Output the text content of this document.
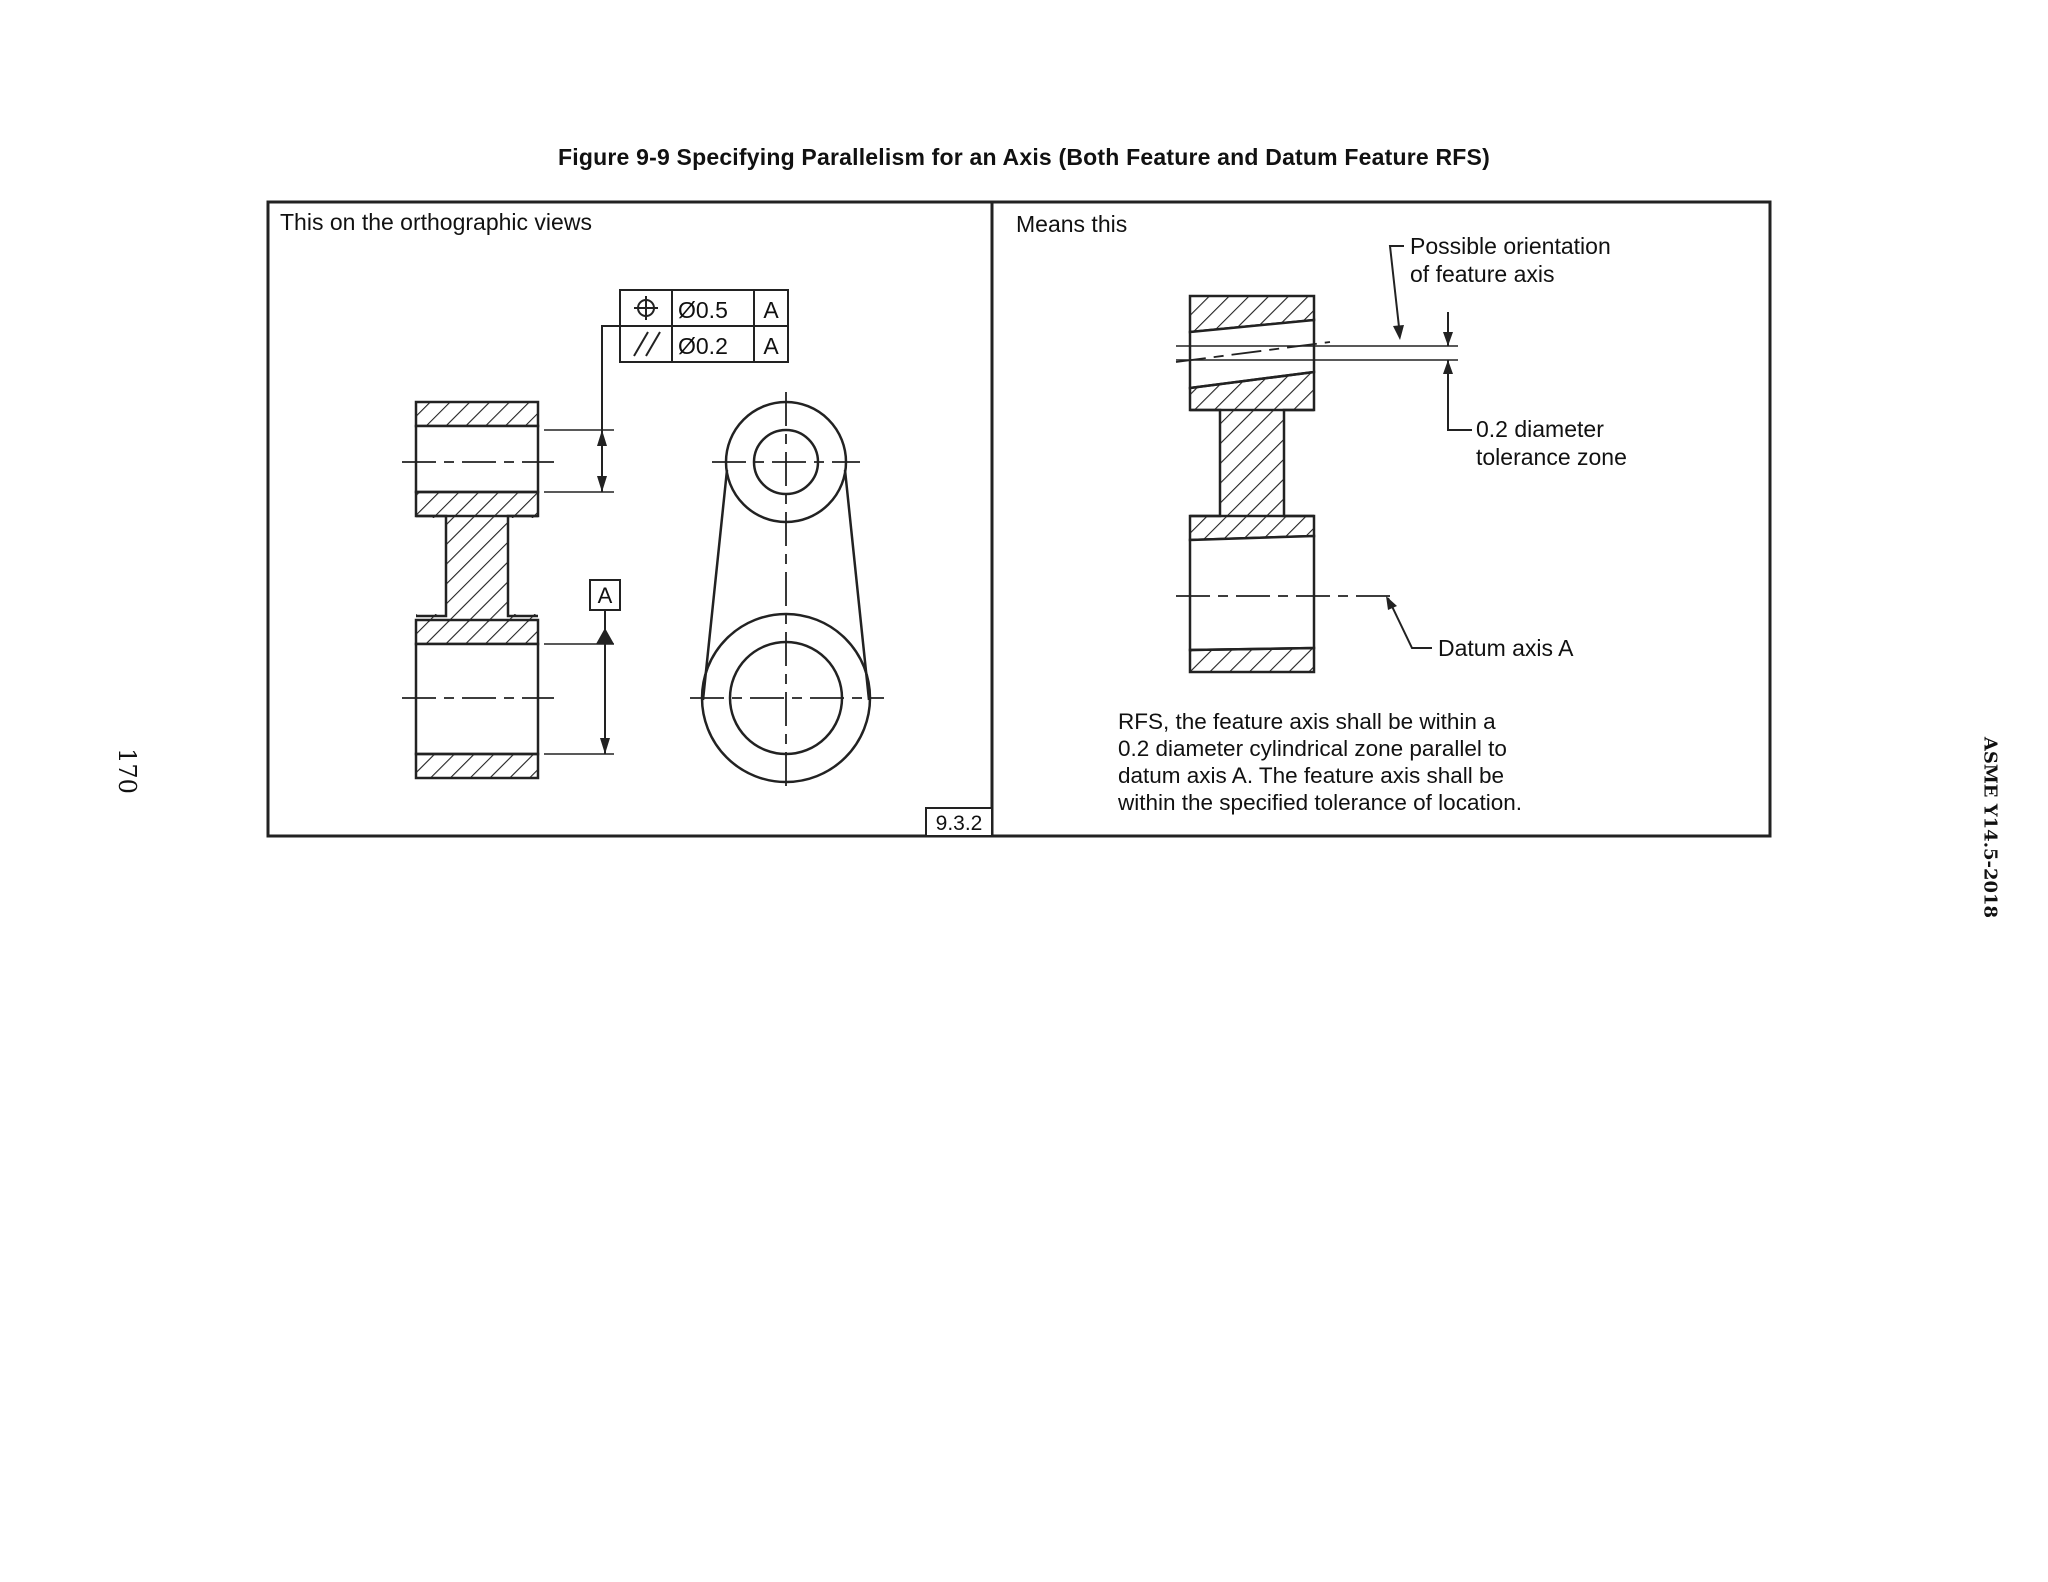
Figure 9-9 Specifying Parallelism for an Axis (Both Feature and Datum Feature RFS)
170	ASME Y14.5-2018
This on the orthographic views
Ø0.5 A
Ø0.2 A
A
9.3.2
Means this
Possible orientation
of feature axis
0.2 diameter
tolerance zone
Datum axis A
RFS, the feature axis shall be within a
0.2 diameter cylindrical zone parallel to
datum axis A. The feature axis shall be
within the specified tolerance of location.
